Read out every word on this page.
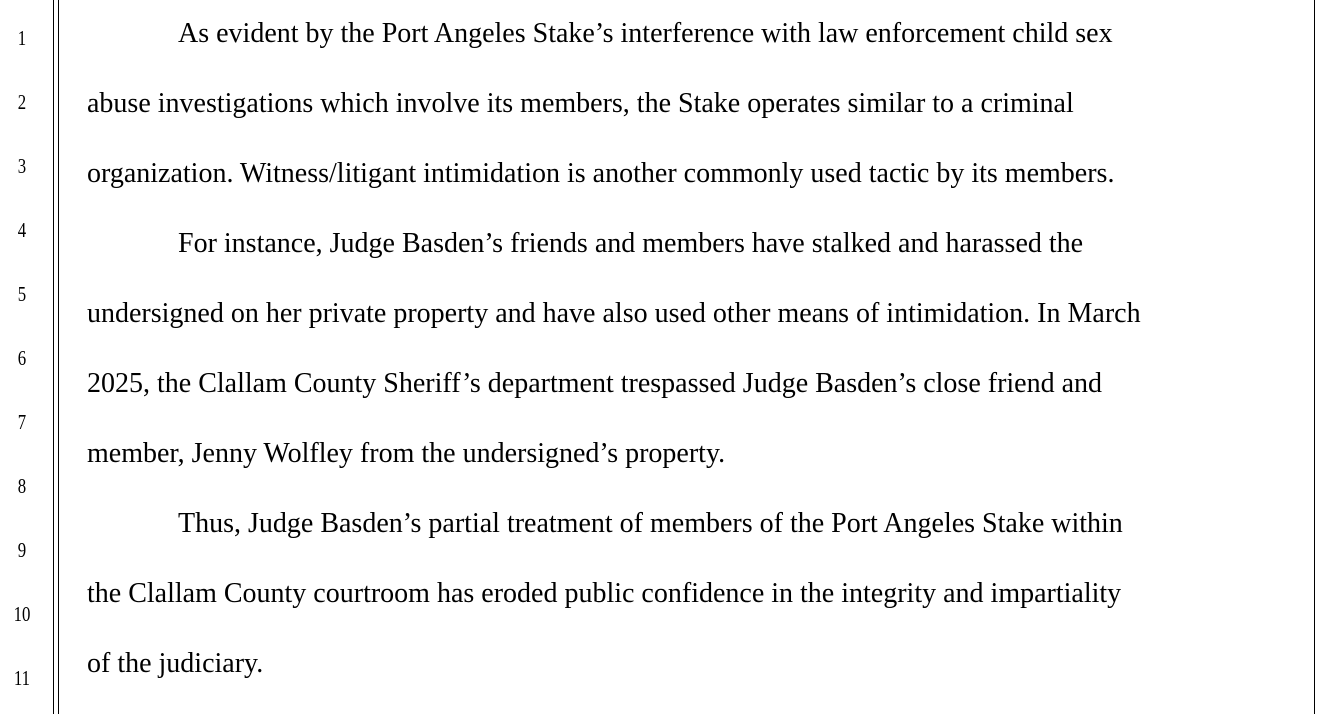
1
2
3
4
5
6
7
8
9
10
11
As evident by the Port Angeles Stake’s interference with law enforcement child sex
abuse investigations which involve its members, the Stake operates similar to a criminal
organization. Witness/litigant intimidation is another commonly used tactic by its members.
For instance, Judge Basden’s friends and members have stalked and harassed the
undersigned on her private property and have also used other means of intimidation. In March
2025, the Clallam County Sheriff’s department trespassed Judge Basden’s close friend and
member, Jenny Wolfley from the undersigned’s property.
Thus, Judge Basden’s partial treatment of members of the Port Angeles Stake within
the Clallam County courtroom has eroded public confidence in the integrity and impartiality
of the judiciary.
